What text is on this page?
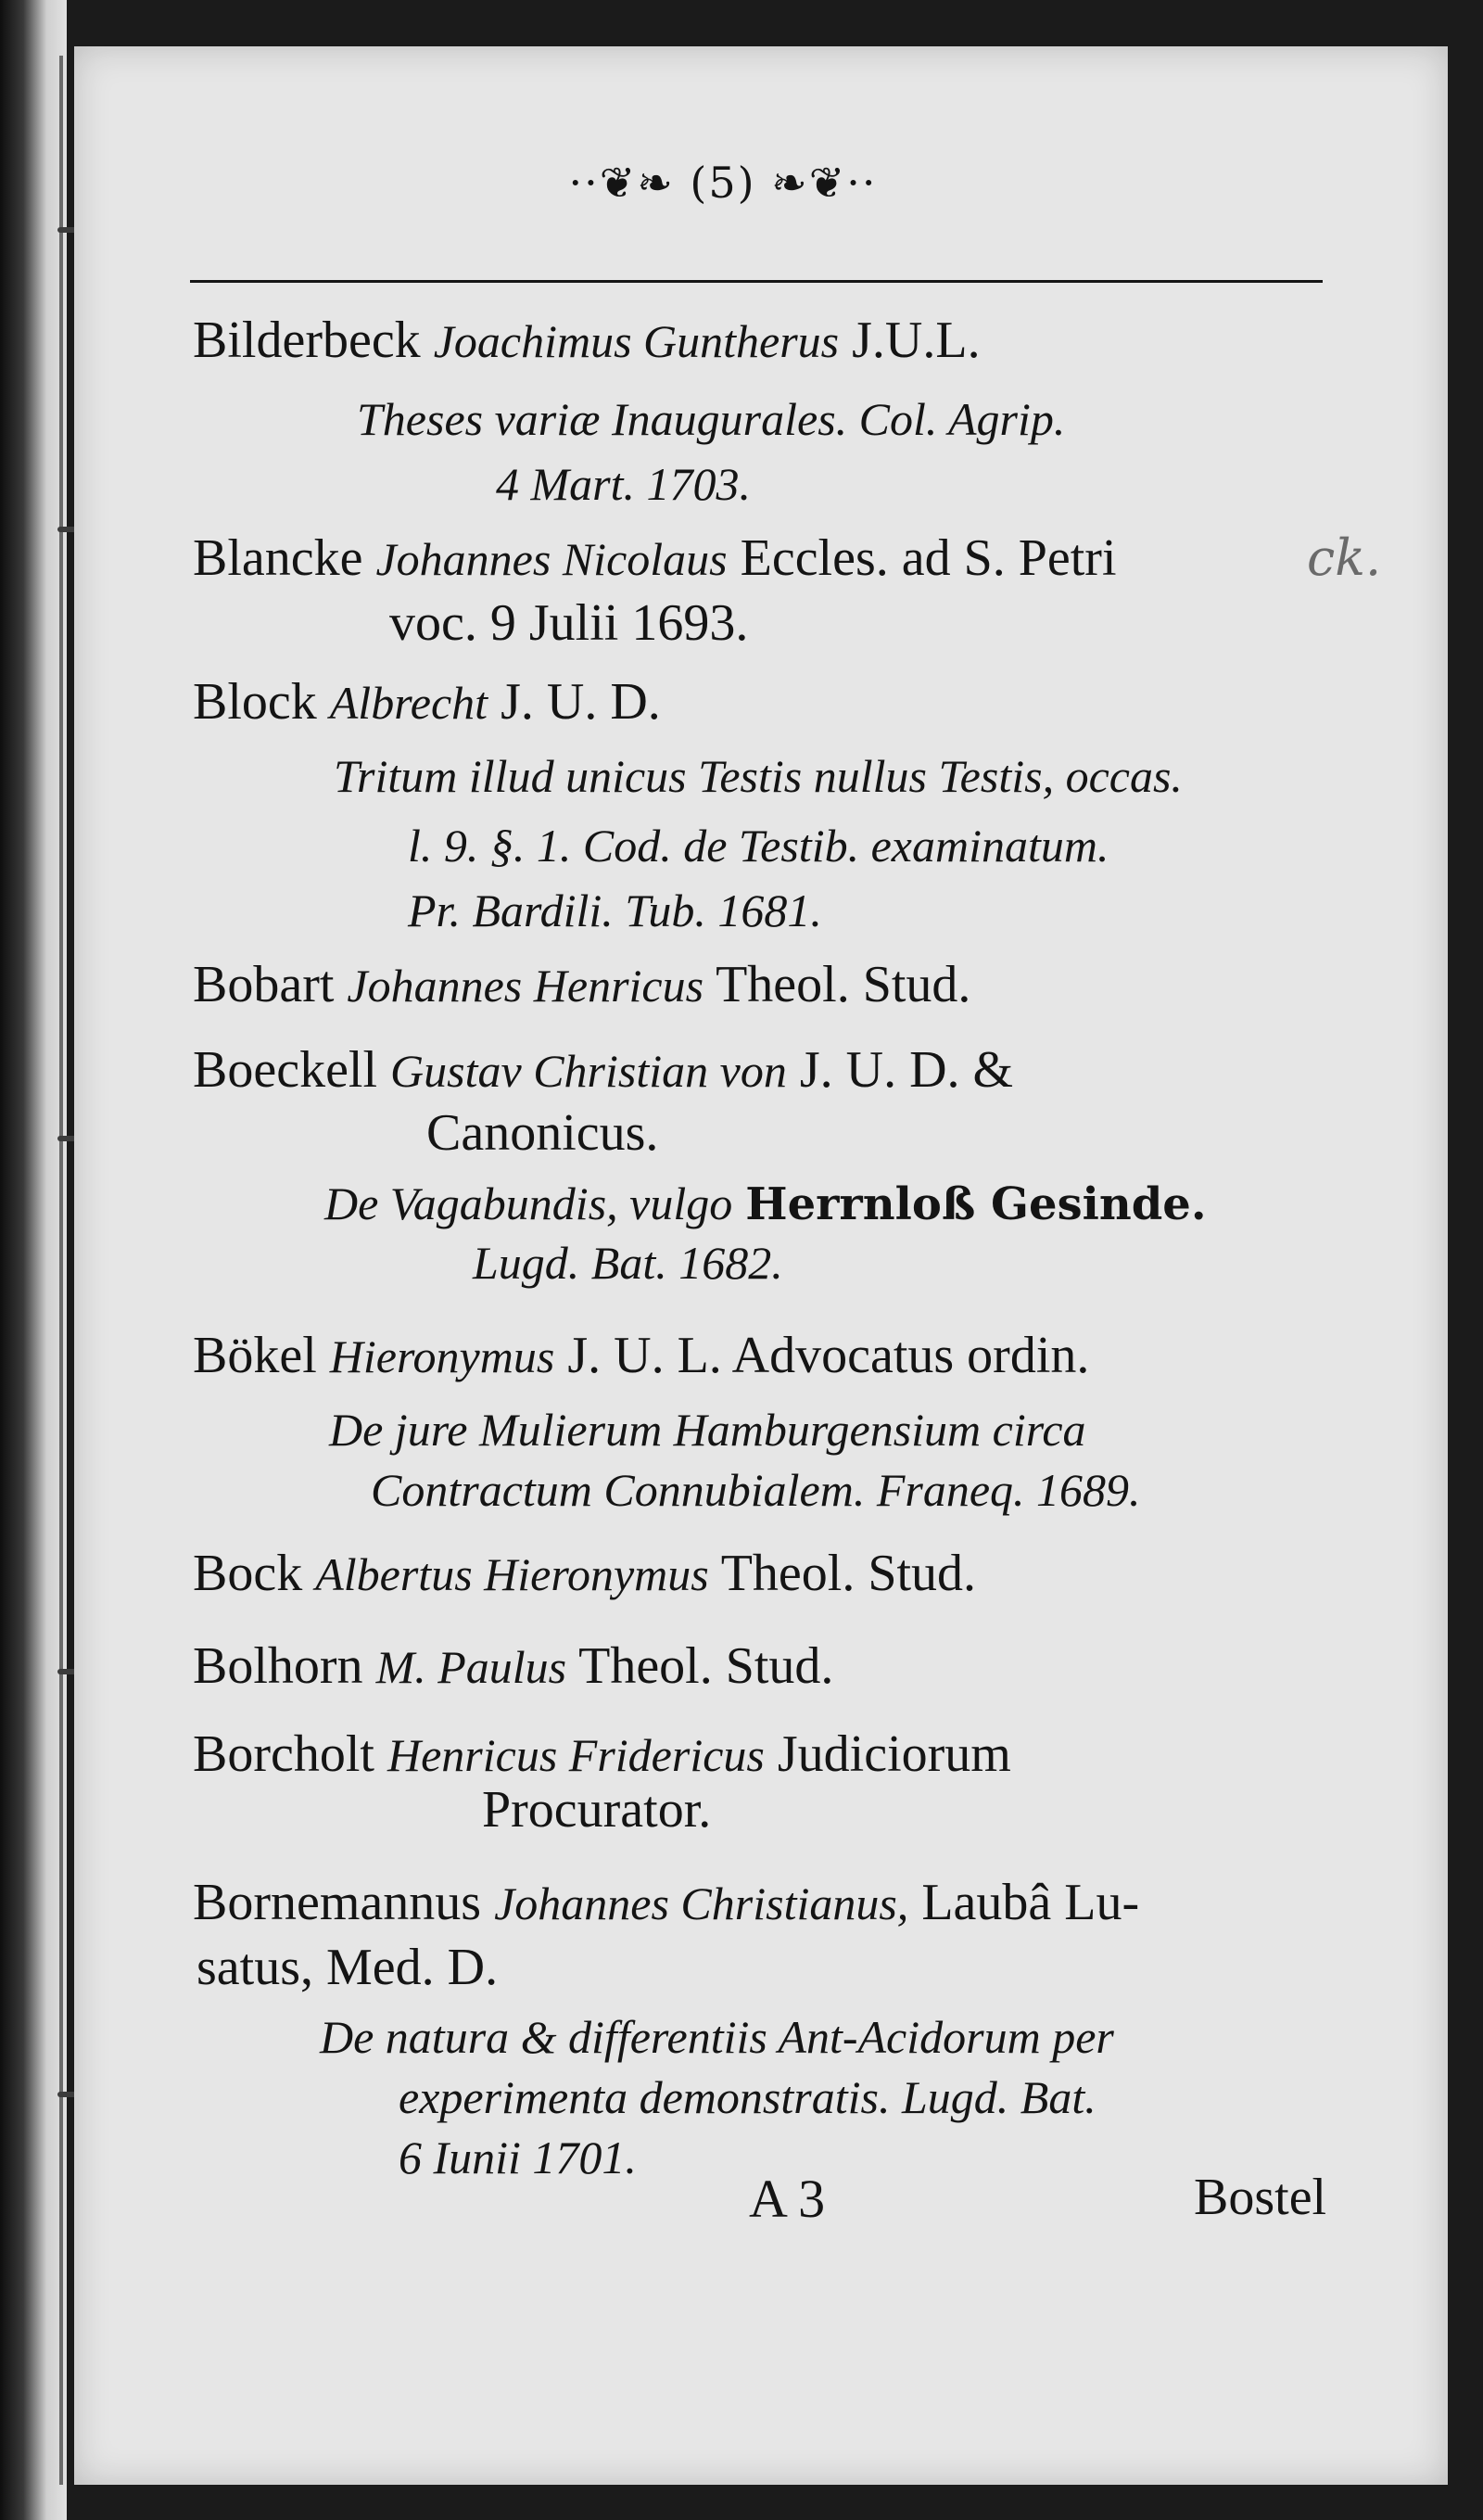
··❦❧ (5) ❧❦··
Bilderbeck Joachimus Guntherus J.U.L.
Theses variæ Inaugurales. Col. Agrip.
4 Mart. 1703.
Blancke Johannes Nicolaus Eccles. ad S. Petri
voc. 9 Julii 1693.
Block Albrecht J. U. D.
Tritum illud unicus Testis nullus Testis, occas.
l. 9. §. 1. Cod. de Testib. examinatum.
Pr. Bardili. Tub. 1681.
Bobart Johannes Henricus Theol. Stud.
Boeckell Gustav Christian von J. U. D. &
Canonicus.
Lugd. Bat. 1682.
De Vagabundis, vulgo Herrnloß Gesinde.
Bökel Hieronymus J. U. L. Advocatus ordin.
De jure Mulierum Hamburgensium circa
Contractum Connubialem. Franeq. 1689.
Bock Albertus Hieronymus Theol. Stud.
Bolhorn M. Paulus Theol. Stud.
Borcholt Henricus Fridericus Judiciorum
Procurator.
Bornemannus Johannes Christianus, Laubâ Lu-
satus, Med. D.
De natura & differentiis Ant-Acidorum per
experimenta demonstratis. Lugd. Bat.
6 Iunii 1701.
ck.
A 3	Bostel
